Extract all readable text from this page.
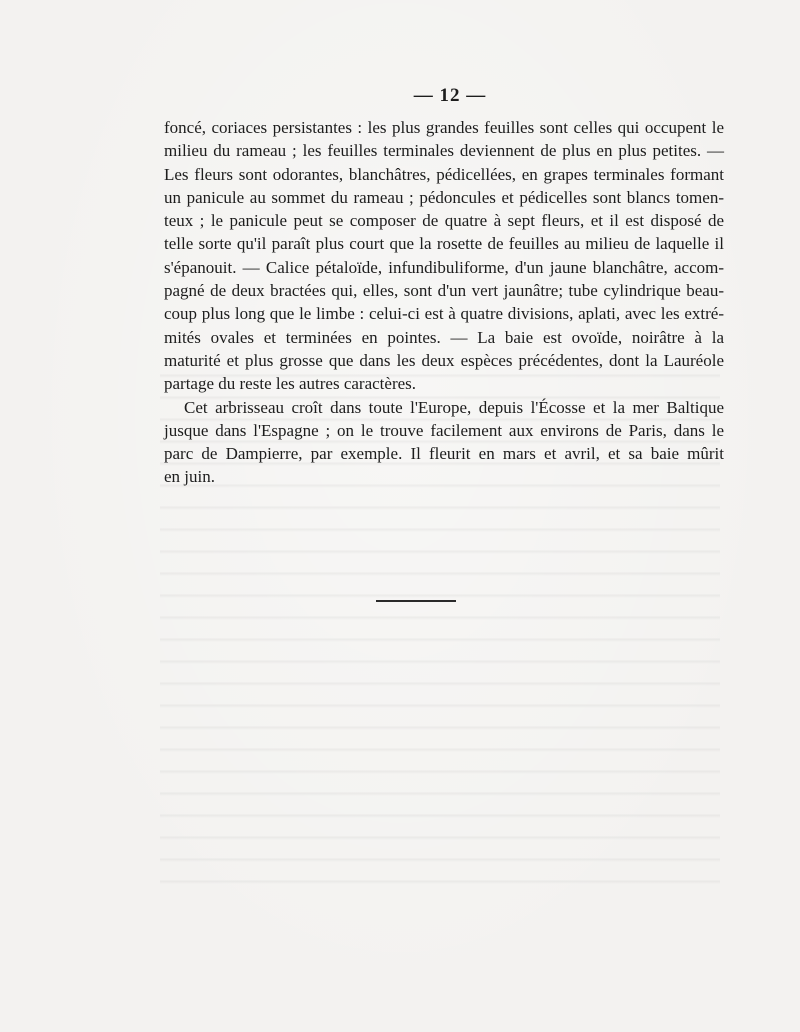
— 12 —
foncé, coriaces persistantes : les plus grandes feuilles sont celles qui occupent le
milieu du rameau ; les feuilles terminales deviennent de plus en plus petites. —
Les fleurs sont odorantes, blanchâtres, pédicellées, en grapes terminales formant
un panicule au sommet du rameau ; pédoncules et pédicelles sont blancs tomen-
teux ; le panicule peut se composer de quatre à sept fleurs, et il est disposé de
telle sorte qu'il paraît plus court que la rosette de feuilles au milieu de laquelle il
s'épanouit. — Calice pétaloïde, infundibuliforme, d'un jaune blanchâtre, accom-
pagné de deux bractées qui, elles, sont d'un vert jaunâtre; tube cylindrique beau-
coup plus long que le limbe : celui-ci est à quatre divisions, aplati, avec les extré-
mités ovales et terminées en pointes. — La baie est ovoïde, noirâtre à la
maturité et plus grosse que dans les deux espèces précédentes, dont la Lauréole
partage du reste les autres caractères.
Cet arbrisseau croît dans toute l'Europe, depuis l'Écosse et la mer Baltique
jusque dans l'Espagne ; on le trouve facilement aux environs de Paris, dans le
parc de Dampierre, par exemple. Il fleurit en mars et avril, et sa baie mûrit
en juin.
